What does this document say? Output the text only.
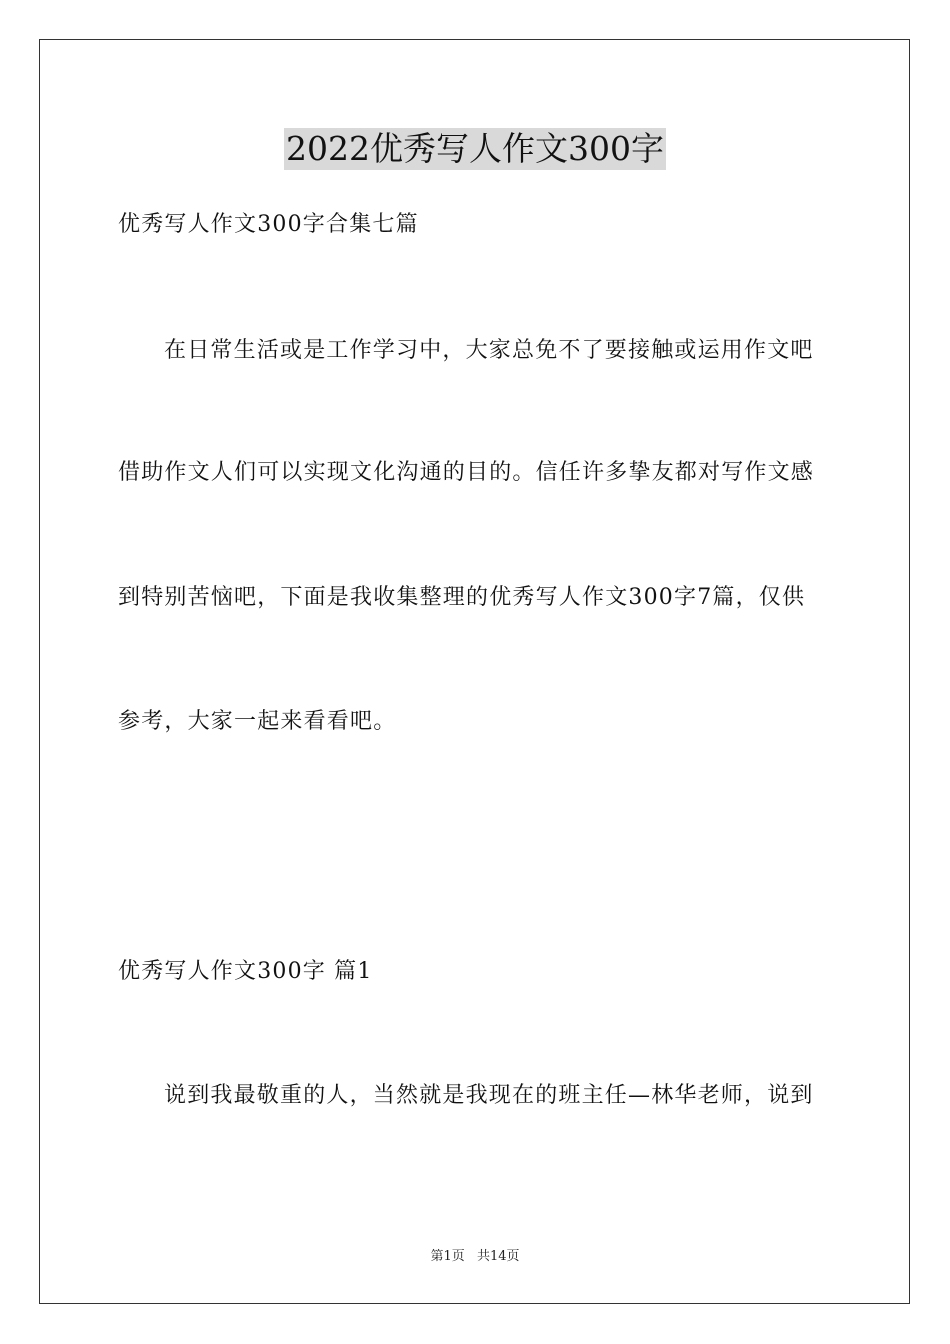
2022优秀写人作文300字
优秀写人作文300字合集七篇
在日常生活或是工作学习中，大家总免不了要接触或运用作文吧
借助作文人们可以实现文化沟通的目的。信任许多挚友都对写作文感
到特别苦恼吧，下面是我收集整理的优秀写人作文300字7篇，仅供
参考，大家一起来看看吧。
优秀写人作文300字 篇1
说到我最敬重的人，当然就是我现在的班主任—林华老师，说到
第1页 共14页
